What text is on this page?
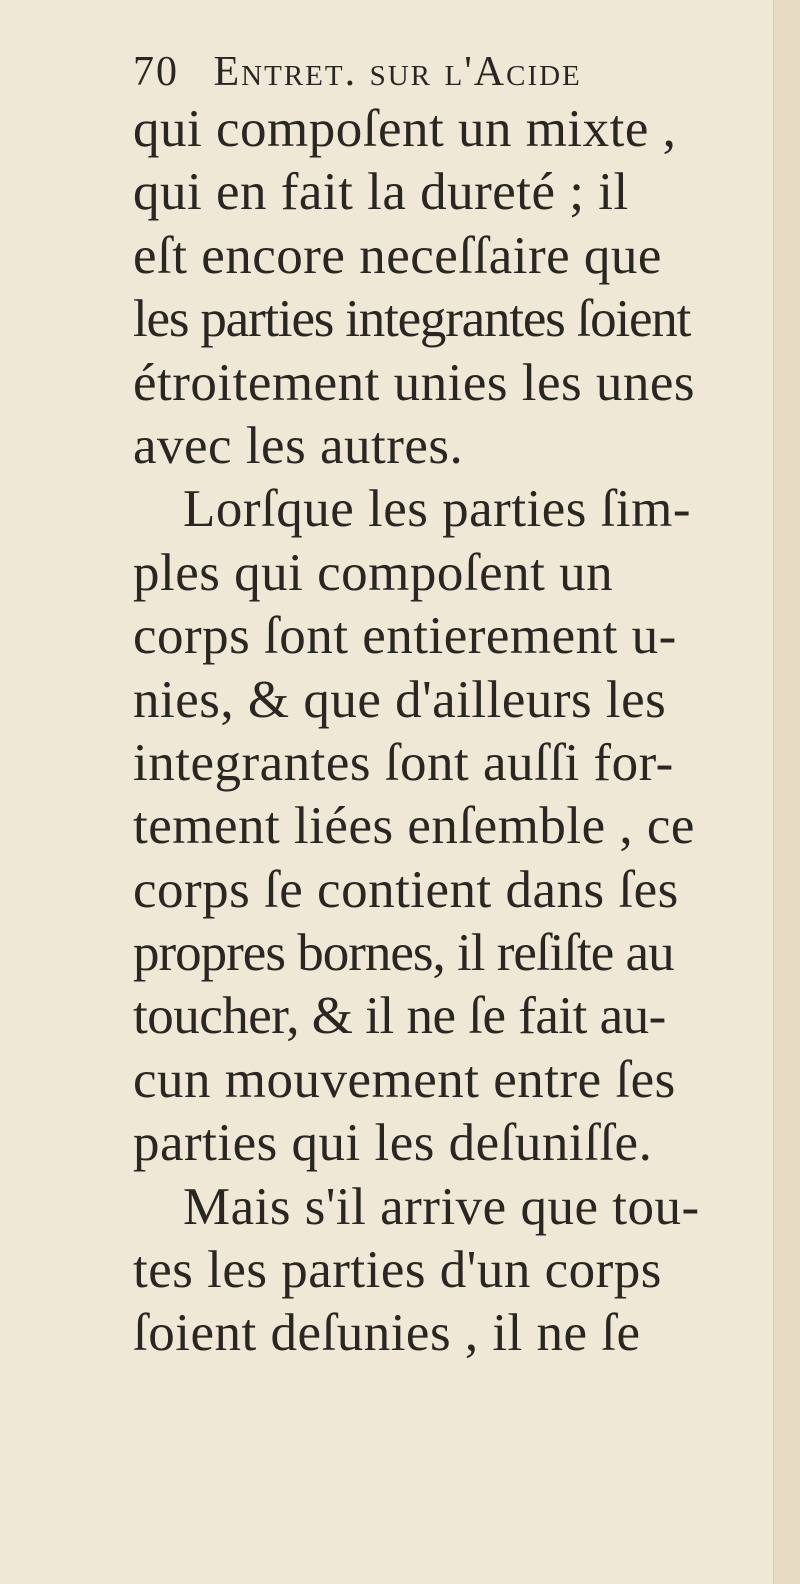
70 Entret. sur l'Acide
qui compoſent un mixte ,
qui en fait la dureté ; il
eſt encore neceſſaire que
les parties integrantes ſoient
étroitement unies les unes
avec les autres.
Lorſque les parties ſim-
ples qui compoſent un
corps ſont entierement u-
nies, & que d'ailleurs les
integrantes ſont auſſi for-
tement liées enſemble , ce
corps ſe contient dans ſes
propres bornes, il reſiſte au
toucher, & il ne ſe fait au-
cun mouvement entre ſes
parties qui les deſuniſſe.
Mais s'il arrive que tou-
tes les parties d'un corps
ſoient deſunies , il ne ſe
